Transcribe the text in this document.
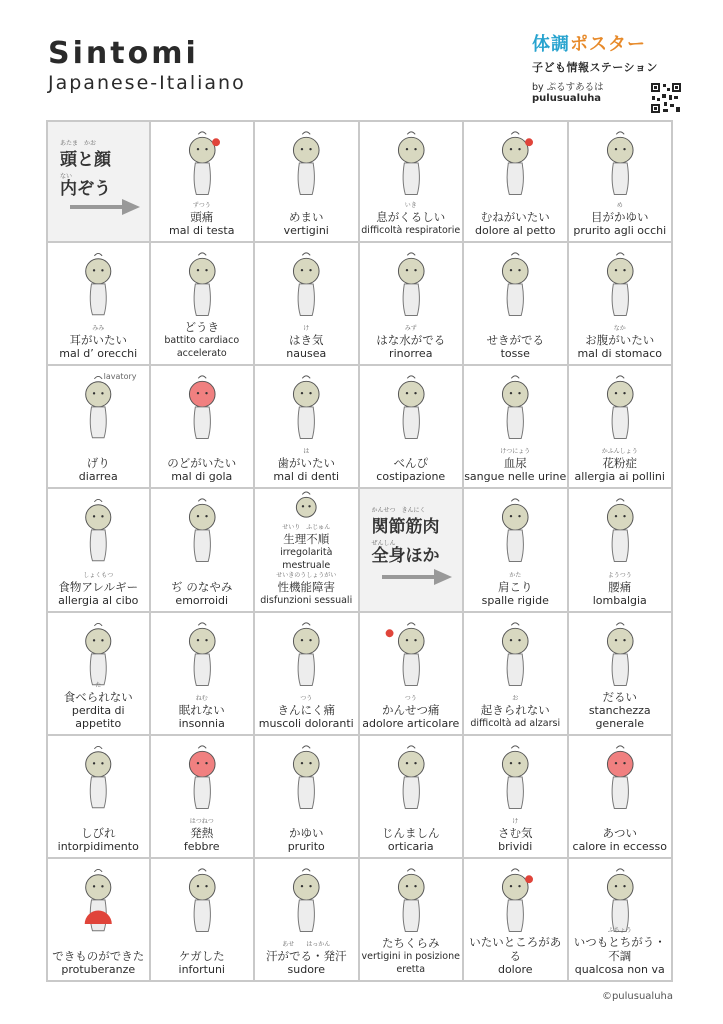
Sintomi
Japanese-Italiano
体調ポスター
子ども情報ステーション
by ぷるすあるは
pulusualuha
あたま　かお
頭と顔
ない
内ぞう
ずつう
頭痛
mal di testa
めまい
vertigini
いき
息がくるしい
difficoltà respiratorie
むねがいたい
dolore al petto
め
目がかゆい
prurito agli occhi
みみ
耳がいたい
mal d’ orecchi
どうき
battito cardiaco accelerato
け
はき気
nausea
みず
はな水がでる
rinorrea
せきがでる
tosse
なか
お腹がいたい
mal di stomaco
lavatory
げり
diarrea
のどがいたい
mal di gola
は
歯がいたい
mal di denti
べんぴ
costipazione
けつにょう
血尿
sangue nelle urine
かふんしょう
花粉症
allergia ai pollini
しょくもつ
食物アレルギー
allergia al cibo
ぢ のなやみ
emorroidi
せいり　ふじゅん
生理不順
irregolarità mestruale
せいきのうしょうがい
性機能障害
disfunzioni sessuali
かんせつ　きんにく
関節筋肉
ぜんしん
全身ほか
かた
肩こり
spalle rigide
ようつう
腰痛
lombalgia
た
食べられない
perdita di appetito
ねむ
眠れない
insonnia
つう
きんにく痛
muscoli doloranti
つう
かんせつ痛
adolore articolare
お
起きられない
difficoltà ad alzarsi
だるい
stanchezza generale
しびれ
intorpidimento
はつねつ
発熱
febbre
かゆい
prurito
じんましん
orticaria
け
さむ気
brividi
あつい
calore in eccesso
できものができた
protuberanze
ケガした
infortuni
あせ　　はっかん
汗がでる・発汗
sudore
たちくらみ
vertigini in posizione eretta
いたいところがある
dolore
ふちょう
いつもとちがう・不調
qualcosa non va
©pulusualuha
